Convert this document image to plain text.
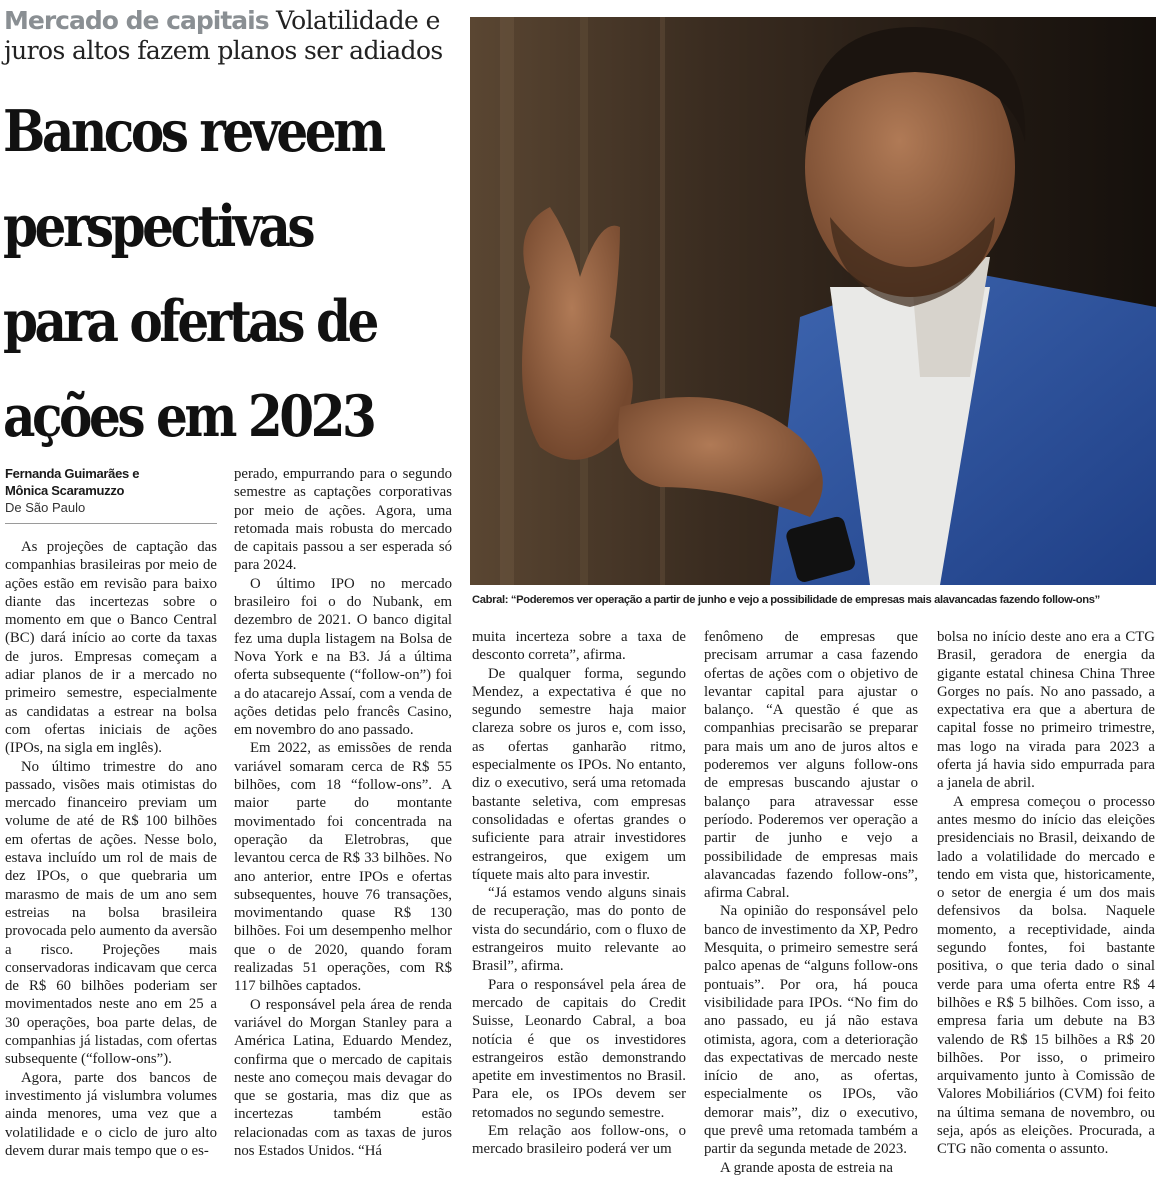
Mercado de capitais Volatilidade e juros altos fazem planos ser adiados
Bancos reveem
perspectivas
para ofertas de
ações em 2023
Fernanda Guimarães e
Mônica Scaramuzzo
De São Paulo

As projeções de captação das companhias brasileiras por meio de ações estão em revisão para baixo diante das incertezas sobre o momento em que o Banco Central (BC) dará início ao corte da taxas de juros. Empresas começam a adiar planos de ir a mercado no primeiro semestre, especialmente as candidatas a estrear na bolsa com ofertas iniciais de ações (IPOs, na sigla em inglês).

No último trimestre do ano passado, visões mais otimistas do mercado financeiro previam um volume de até de R$ 100 bilhões em ofertas de ações. Nesse bolo, estava incluído um rol de mais de dez IPOs, o que quebraria um marasmo de mais de um ano sem estreias na bolsa brasileira provocada pelo aumento da aversão a risco. Projeções mais conservadoras indicavam que cerca de R$ 60 bilhões poderiam ser movimentados neste ano em 25 a 30 operações, boa parte delas, de companhias já listadas, com ofertas subsequente (“follow-ons”).

Agora, parte dos bancos de investimento já vislumbra volumes ainda menores, uma vez que a volatilidade e o ciclo de juro alto devem durar mais tempo que o es-

perado, empurrando para o segundo semestre as captações corporativas por meio de ações. Agora, uma retomada mais robusta do mercado de capitais passou a ser esperada só para 2024.

O último IPO no mercado brasileiro foi o do Nubank, em dezembro de 2021. O banco digital fez uma dupla listagem na Bolsa de Nova York e na B3. Já a última oferta subsequente (“follow-on”) foi a do atacarejo Assaí, com a venda de ações detidas pelo francês Casino, em novembro do ano passado.

Em 2022, as emissões de renda variável somaram cerca de R$ 55 bilhões, com 18 “follow-ons”. A maior parte do montante movimentado foi concentrada na operação da Eletrobras, que levantou cerca de R$ 33 bilhões. No ano anterior, entre IPOs e ofertas subsequentes, houve 76 transações, movimentando quase R$ 130 bilhões. Foi um desempenho melhor que o de 2020, quando foram realizadas 51 operações, com R$ 117 bilhões captados.

O responsável pela área de renda variável do Morgan Stanley para a América Latina, Eduardo Mendez, confirma que o mercado de capitais neste ano começou mais devagar do que se gostaria, mas diz que as incertezas também estão relacionadas com as taxas de juros nos Estados Unidos. “Há

Cabral: “Poderemos ver operação a partir de junho e vejo a possibilidade de empresas mais alavancadas fazendo follow-ons”

muita incerteza sobre a taxa de desconto correta”, afirma.

De qualquer forma, segundo Mendez, a expectativa é que no segundo semestre haja maior clareza sobre os juros e, com isso, as ofertas ganharão ritmo, especialmente os IPOs. No entanto, diz o executivo, será uma retomada bastante seletiva, com empresas consolidadas e ofertas grandes o suficiente para atrair investidores estrangeiros, que exigem um tíquete mais alto para investir.

“Já estamos vendo alguns sinais de recuperação, mas do ponto de vista do secundário, com o fluxo de estrangeiros muito relevante ao Brasil”, afirma.

Para o responsável pela área de mercado de capitais do Credit Suisse, Leonardo Cabral, a boa notícia é que os investidores estrangeiros estão demonstrando apetite em investimentos no Brasil. Para ele, os IPOs devem ser retomados no segundo semestre.

Em relação aos follow-ons, o mercado brasileiro poderá ver um

fenômeno de empresas que precisam arrumar a casa fazendo ofertas de ações com o objetivo de levantar capital para ajustar o balanço. “A questão é que as companhias precisarão se preparar para mais um ano de juros altos e poderemos ver alguns follow-ons de empresas buscando ajustar o balanço para atravessar esse período. Poderemos ver operação a partir de junho e vejo a possibilidade de empresas mais alavancadas fazendo follow-ons”, afirma Cabral.

Na opinião do responsável pelo banco de investimento da XP, Pedro Mesquita, o primeiro semestre será palco apenas de “alguns follow-ons pontuais”. Por ora, há pouca visibilidade para IPOs. “No fim do ano passado, eu já não estava otimista, agora, com a deterioração das expectativas de mercado neste início de ano, as ofertas, especialmente os IPOs, vão demorar mais”, diz o executivo, que prevê uma retomada também a partir da segunda metade de 2023.

A grande aposta de estreia na

bolsa no início deste ano era a CTG Brasil, geradora de energia da gigante estatal chinesa China Three Gorges no país. No ano passado, a expectativa era que a abertura de capital fosse no primeiro trimestre, mas logo na virada para 2023 a oferta já havia sido empurrada para a janela de abril.

A empresa começou o processo antes mesmo do início das eleições presidenciais no Brasil, deixando de lado a volatilidade do mercado e tendo em vista que, historicamente, o setor de energia é um dos mais defensivos da bolsa. Naquele momento, a receptividade, ainda segundo fontes, foi bastante positiva, o que teria dado o sinal verde para uma oferta entre R$ 4 bilhões e R$ 5 bilhões. Com isso, a empresa faria um debute na B3 valendo de R$ 15 bilhões a R$ 20 bilhões. Por isso, o primeiro arquivamento junto à Comissão de Valores Mobiliários (CVM) foi feito na última semana de novembro, ou seja, após as eleições. Procurada, a CTG não comenta o assunto.
